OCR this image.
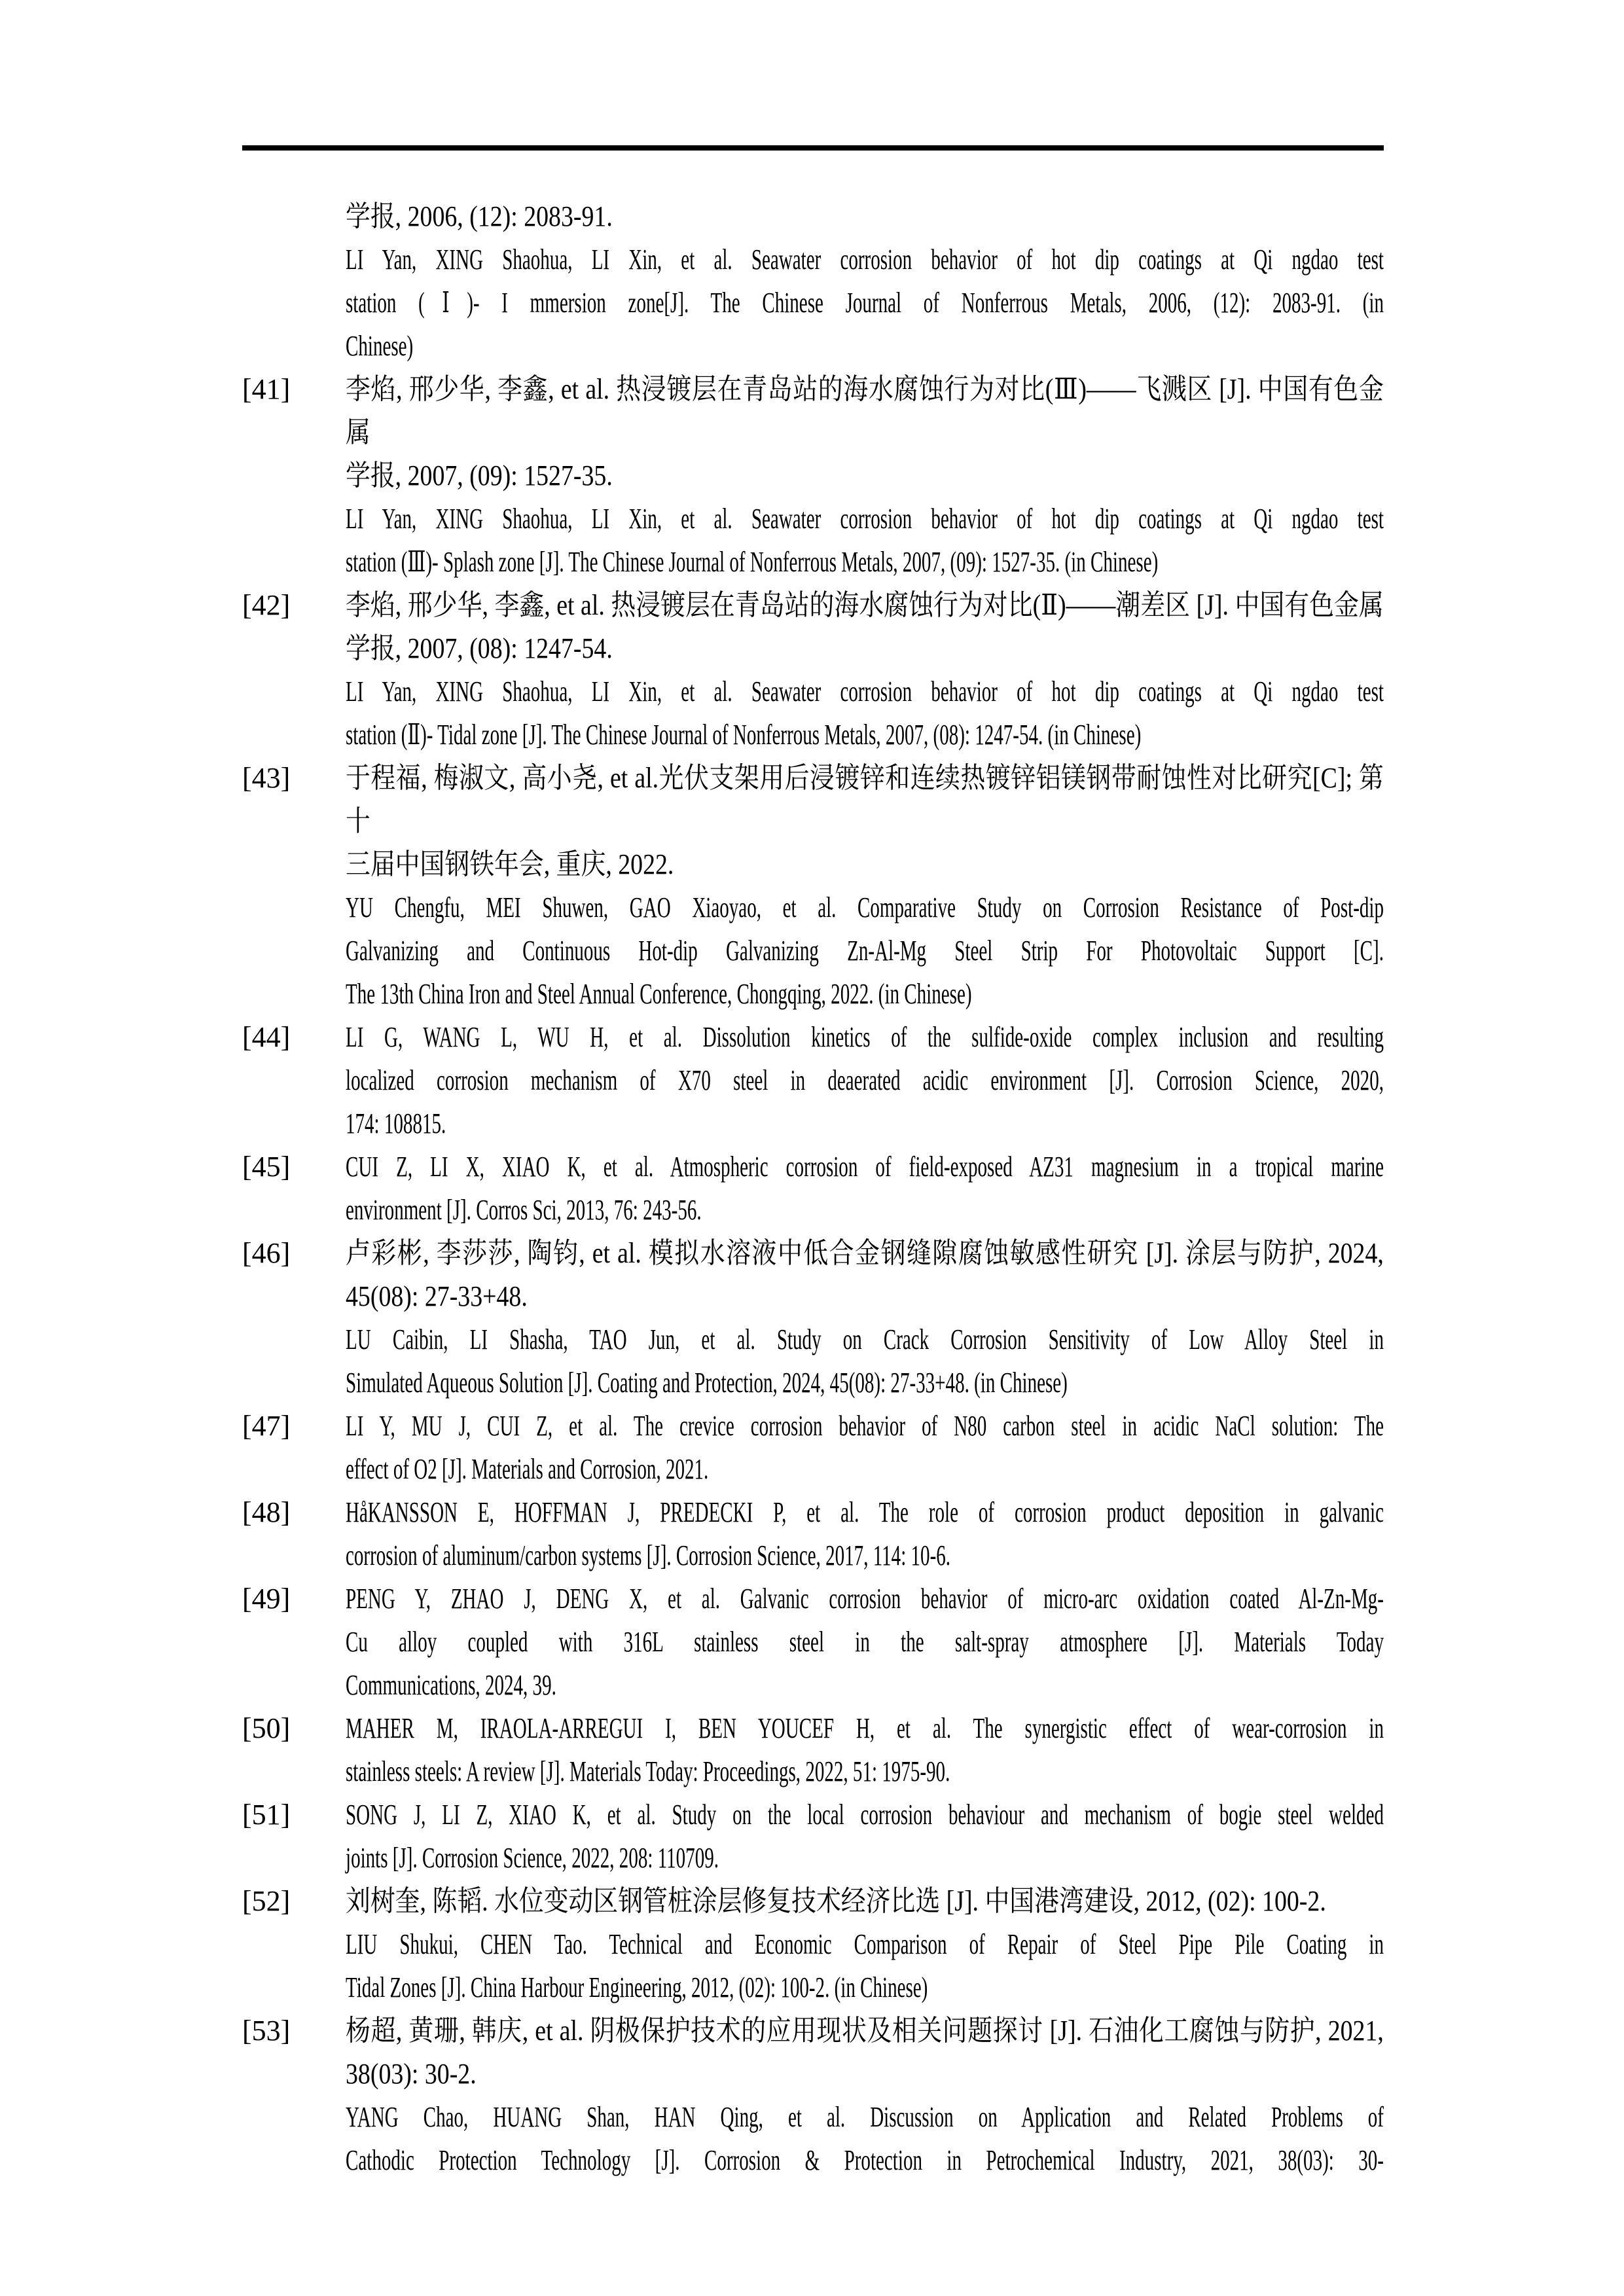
学报, 2006, (12): 2083-91.
LI Yan, XING Shaohua, LI Xin, et al. Seawater corrosion behavior of hot dip coatings at Qi ngdao test
station (Ⅰ)- I mmersion zone[J]. The Chinese Journal of Nonferrous Metals, 2006, (12): 2083-91. (in
Chinese)
[41]	李焰, 邢少华, 李鑫, et al. 热浸镀层在青岛站的海水腐蚀行为对比(Ⅲ)——飞溅区 [J]. 中国有色金属
学报, 2007, (09): 1527-35.
LI Yan, XING Shaohua, LI Xin, et al. Seawater corrosion behavior of hot dip coatings at Qi ngdao test
station (Ⅲ)- Splash zone [J]. The Chinese Journal of Nonferrous Metals, 2007, (09): 1527-35. (in Chinese)
[42]	李焰, 邢少华, 李鑫, et al. 热浸镀层在青岛站的海水腐蚀行为对比(Ⅱ)——潮差区 [J]. 中国有色金属
学报, 2007, (08): 1247-54.
LI Yan, XING Shaohua, LI Xin, et al. Seawater corrosion behavior of hot dip coatings at Qi ngdao test
station (Ⅱ)- Tidal zone [J]. The Chinese Journal of Nonferrous Metals, 2007, (08): 1247-54. (in Chinese)
[43]	于程福, 梅淑文, 高小尧, et al.光伏支架用后浸镀锌和连续热镀锌铝镁钢带耐蚀性对比研究[C]; 第十
三届中国钢铁年会, 重庆, 2022.
YU Chengfu, MEI Shuwen, GAO Xiaoyao, et al. Comparative Study on Corrosion Resistance of Post-dip
Galvanizing and Continuous Hot-dip Galvanizing Zn-Al-Mg Steel Strip For Photovoltaic Support [C].
The 13th China Iron and Steel Annual Conference, Chongqing, 2022. (in Chinese)
[44]	LI G, WANG L, WU H, et al. Dissolution kinetics of the sulfide-oxide complex inclusion and resulting
localized corrosion mechanism of X70 steel in deaerated acidic environment [J]. Corrosion Science, 2020,
174: 108815.
[45]	CUI Z, LI X, XIAO K, et al. Atmospheric corrosion of field-exposed AZ31 magnesium in a tropical marine
environment [J]. Corros Sci, 2013, 76: 243-56.
[46]	卢彩彬, 李莎莎, 陶钧, et al. 模拟水溶液中低合金钢缝隙腐蚀敏感性研究 [J]. 涂层与防护, 2024,
45(08): 27-33+48.
LU Caibin, LI Shasha, TAO Jun, et al. Study on Crack Corrosion Sensitivity of Low Alloy Steel in
Simulated Aqueous Solution [J]. Coating and Protection, 2024, 45(08): 27-33+48. (in Chinese)
[47]	LI Y, MU J, CUI Z, et al. The crevice corrosion behavior of N80 carbon steel in acidic NaCl solution: The
effect of O2 [J]. Materials and Corrosion, 2021.
[48]	HåKANSSON E, HOFFMAN J, PREDECKI P, et al. The role of corrosion product deposition in galvanic
corrosion of aluminum/carbon systems [J]. Corrosion Science, 2017, 114: 10-6.
[49]	PENG Y, ZHAO J, DENG X, et al. Galvanic corrosion behavior of micro-arc oxidation coated Al-Zn-Mg-
Cu alloy coupled with 316L stainless steel in the salt-spray atmosphere [J]. Materials Today
Communications, 2024, 39.
[50]	MAHER M, IRAOLA-ARREGUI I, BEN YOUCEF H, et al. The synergistic effect of wear-corrosion in
stainless steels: A review [J]. Materials Today: Proceedings, 2022, 51: 1975-90.
[51]	SONG J, LI Z, XIAO K, et al. Study on the local corrosion behaviour and mechanism of bogie steel welded
joints [J]. Corrosion Science, 2022, 208: 110709.
[52]	刘树奎, 陈韬. 水位变动区钢管桩涂层修复技术经济比选 [J]. 中国港湾建设, 2012, (02): 100-2.
LIU Shukui, CHEN Tao. Technical and Economic Comparison of Repair of Steel Pipe Pile Coating in
Tidal Zones [J]. China Harbour Engineering, 2012, (02): 100-2. (in Chinese)
[53]	杨超, 黄珊, 韩庆, et al. 阴极保护技术的应用现状及相关问题探讨 [J]. 石油化工腐蚀与防护, 2021,
38(03): 30-2.
YANG Chao, HUANG Shan, HAN Qing, et al. Discussion on Application and Related Problems of
Cathodic Protection Technology [J]. Corrosion & Protection in Petrochemical Industry, 2021, 38(03): 30-
